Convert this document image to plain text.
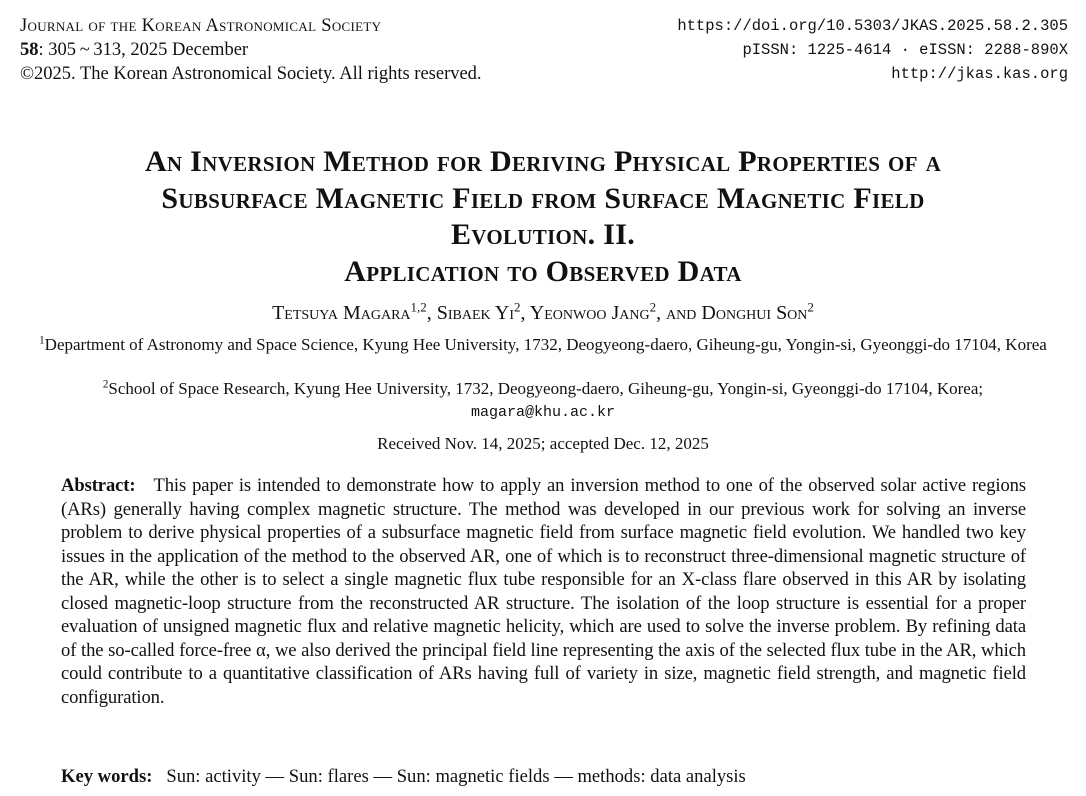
Journal of the Korean Astronomical Society
58: 305 ~ 313, 2025 December
©2025. The Korean Astronomical Society. All rights reserved.
https://doi.org/10.5303/JKAS.2025.58.2.305
pISSN: 1225-4614 · eISSN: 2288-890X
http://jkas.kas.org
An Inversion Method for Deriving Physical Properties of a
Subsurface Magnetic Field from Surface Magnetic Field
Evolution. II.
Application to Observed Data
Tetsuya Magara$^{1,2}$, Sibaek Yi$^2$, Yeonwoo Jang$^2$, and Donghui Son$^2$
$^1$Department of Astronomy and Space Science, Kyung Hee University, 1732, Deogyeong-daero, Giheung-gu, Yongin-si, Gyeonggi-do 17104, Korea
$^2$School of Space Research, Kyung Hee University, 1732, Deogyeong-daero, Giheung-gu, Yongin-si, Gyeonggi-do 17104, Korea; magara@khu.ac.kr
Received Nov. 14, 2025; accepted Dec. 12, 2025
Abstract: This paper is intended to demonstrate how to apply an inversion method to one of the observed solar active regions (ARs) generally having complex magnetic structure. The method was developed in our previous work for solving an inverse problem to derive physical properties of a subsurface magnetic field from surface magnetic field evolution. We handled two key issues in the application of the method to the observed AR, one of which is to reconstruct three-dimensional magnetic structure of the AR, while the other is to select a single magnetic flux tube responsible for an X-class flare observed in this AR by isolating closed magnetic-loop structure from the reconstructed AR structure. The isolation of the loop structure is essential for a proper evaluation of unsigned magnetic flux and relative magnetic helicity, which are used to solve the inverse problem. By refining data of the so-called force-free α, we also derived the principal field line representing the axis of the selected flux tube in the AR, which could contribute to a quantitative classification of ARs having full of variety in size, magnetic field strength, and magnetic field configuration.
Key words: Sun: activity — Sun: flares — Sun: magnetic fields — methods: data analysis
